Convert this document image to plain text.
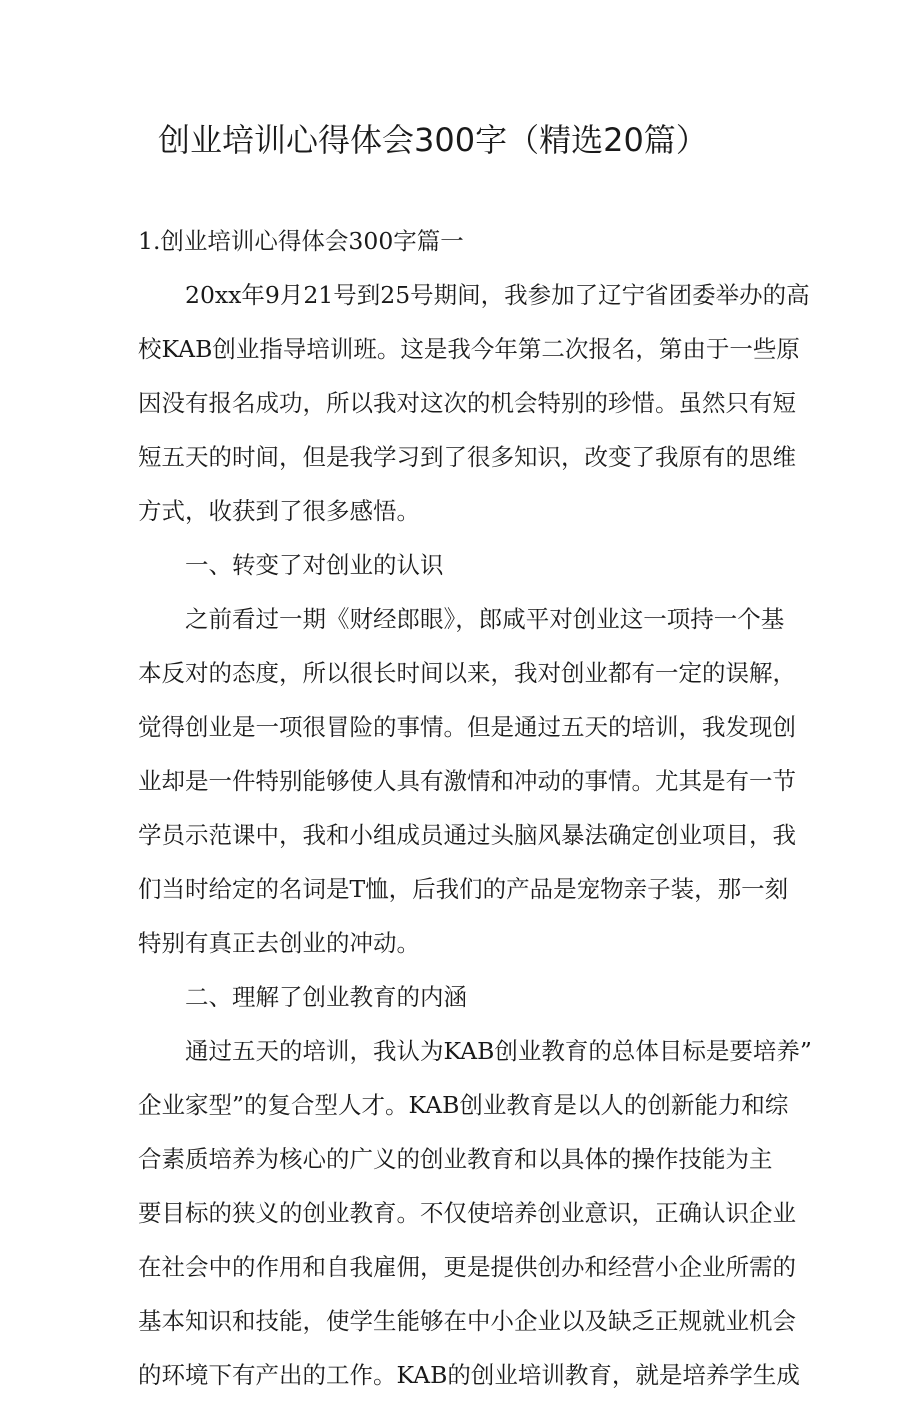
创业培训心得体会300字（精选20篇）

1.创业培训心得体会300字篇一

20xx年9月21号到25号期间，我参加了辽宁省团委举办的高

校KAB创业指导培训班。这是我今年第二次报名，第由于一些原

因没有报名成功，所以我对这次的机会特别的珍惜。虽然只有短

短五天的时间，但是我学习到了很多知识，改变了我原有的思维

方式，收获到了很多感悟。

一、转变了对创业的认识

之前看过一期《财经郎眼》，郎咸平对创业这一项持一个基

本反对的态度，所以很长时间以来，我对创业都有一定的误解，

觉得创业是一项很冒险的事情。但是通过五天的培训，我发现创

业却是一件特别能够使人具有激情和冲动的事情。尤其是有一节

学员示范课中，我和小组成员通过头脑风暴法确定创业项目，我

们当时给定的名词是T恤，后我们的产品是宠物亲子装，那一刻

特别有真正去创业的冲动。

二、理解了创业教育的内涵

通过五天的培训，我认为KAB创业教育的总体目标是要培养”

企业家型”的复合型人才。KAB创业教育是以人的创新能力和综

合素质培养为核心的广义的创业教育和以具体的操作技能为主

要目标的狭义的创业教育。不仅使培养创业意识，正确认识企业

在社会中的作用和自我雇佣，更是提供创办和经营小企业所需的

基本知识和技能，使学生能够在中小企业以及缺乏正规就业机会

的环境下有产出的工作。KAB的创业培训教育，就是培养学生成
